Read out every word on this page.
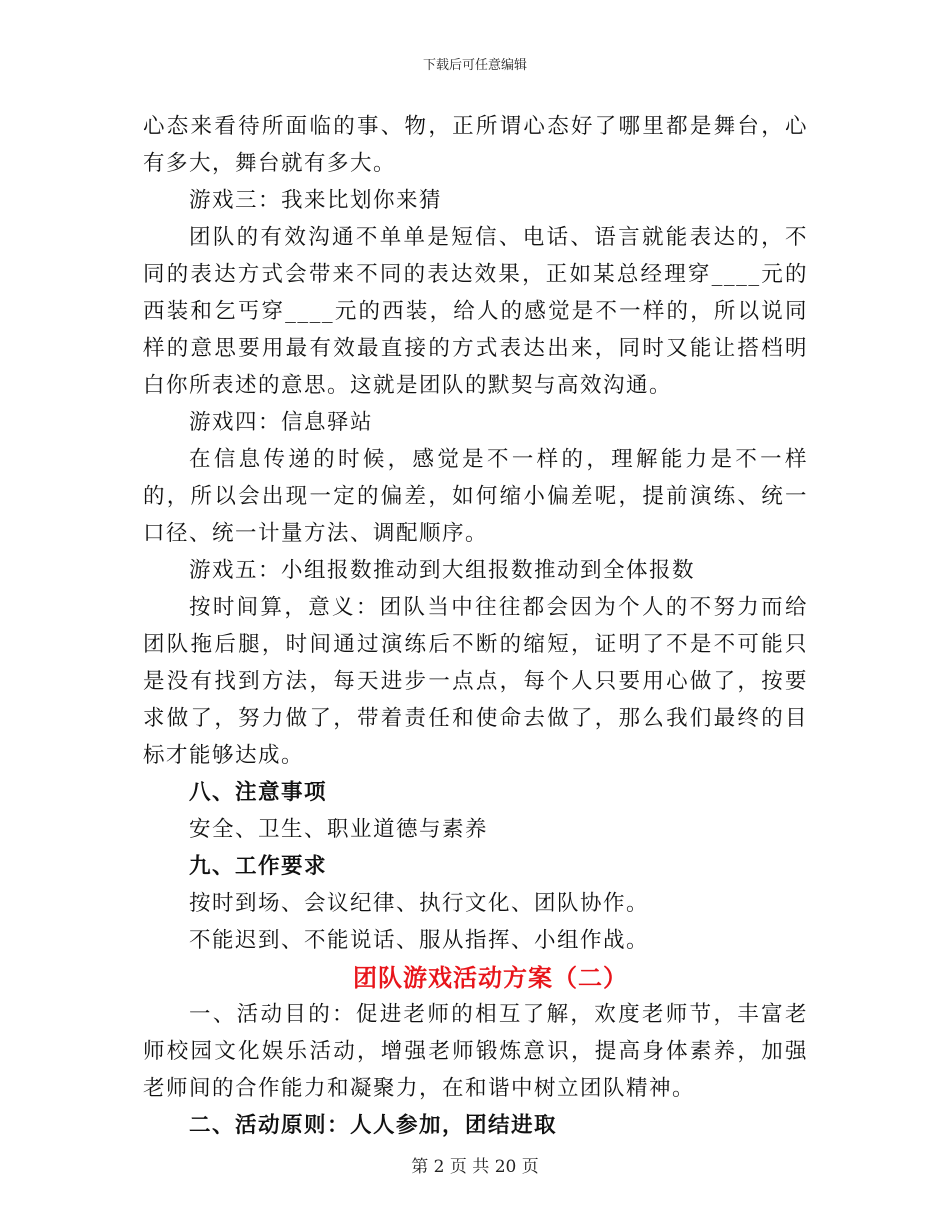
下载后可任意编辑

心态来看待所面临的事、物，正所谓心态好了哪里都是舞台，心有多大，舞台就有多大。

游戏三：我来比划你来猜

团队的有效沟通不单单是短信、电话、语言就能表达的，不同的表达方式会带来不同的表达效果，正如某总经理穿____元的西装和乞丐穿____元的西装，给人的感觉是不一样的，所以说同样的意思要用最有效最直接的方式表达出来，同时又能让搭档明白你所表述的意思。这就是团队的默契与高效沟通。

游戏四：信息驿站

在信息传递的时候，感觉是不一样的，理解能力是不一样的，所以会出现一定的偏差，如何缩小偏差呢，提前演练、统一口径、统一计量方法、调配顺序。

游戏五：小组报数推动到大组报数推动到全体报数

按时间算，意义：团队当中往往都会因为个人的不努力而给团队拖后腿，时间通过演练后不断的缩短，证明了不是不可能只是没有找到方法，每天进步一点点，每个人只要用心做了，按要求做了，努力做了，带着责任和使命去做了，那么我们最终的目标才能够达成。

八、注意事项

安全、卫生、职业道德与素养

九、工作要求

按时到场、会议纪律、执行文化、团队协作。

不能迟到、不能说话、服从指挥、小组作战。

团队游戏活动方案（二）

一、活动目的：促进老师的相互了解，欢度老师节，丰富老师校园文化娱乐活动，增强老师锻炼意识，提高身体素养，加强老师间的合作能力和凝聚力，在和谐中树立团队精神。

二、活动原则：人人参加，团结进取

第 2 页 共 20 页
